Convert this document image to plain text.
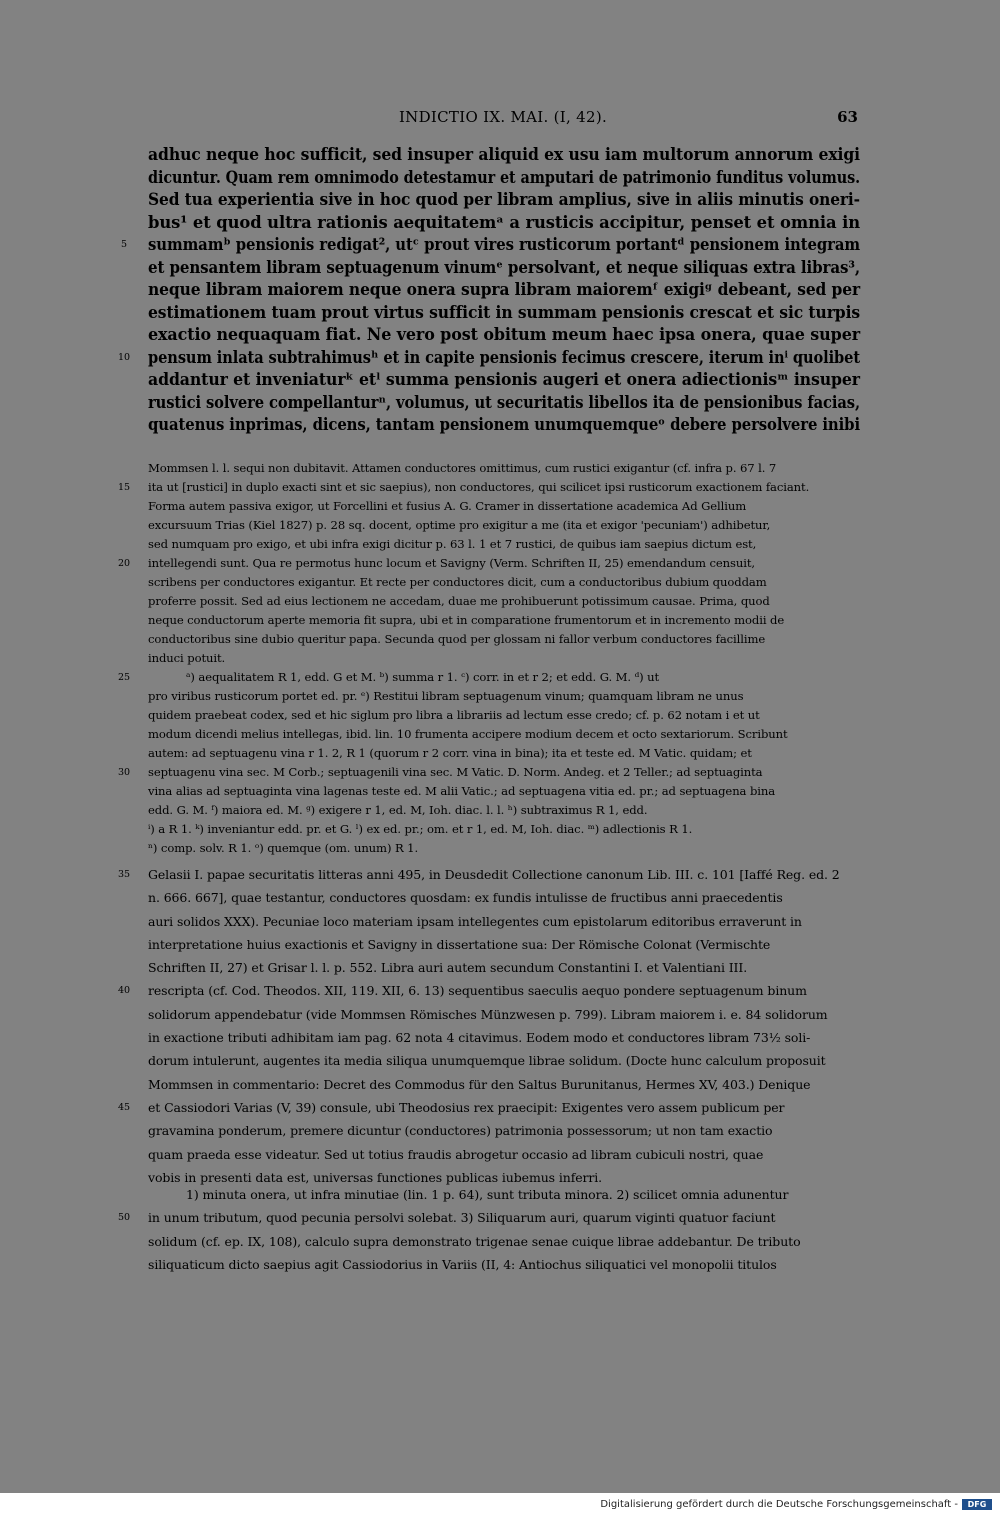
INDICTIO IX. MAI. (I, 42).	63
adhuc neque hoc sufficit, sed insuper aliquid ex usu iam multorum annorum exigi
dicuntur. Quam rem omnimodo detestamur et amputari de patrimonio funditus volumus.
Sed tua experientia sive in hoc quod per libram amplius, sive in aliis minutis oneri-
bus¹ et quod ultra rationis aequitatemᵃ a rusticis accipitur, penset et omnia in
5	summamᵇ pensionis redigat², utᶜ prout vires rusticorum portantᵈ pensionem integram
et pensantem libram septuagenum vinumᵉ persolvant, et neque siliquas extra libras³,
neque libram maiorem neque onera supra libram maioremᶠ exigiᵍ debeant, sed per
estimationem tuam prout virtus sufficit in summam pensionis crescat et sic turpis
exactio nequaquam fiat. Ne vero post obitum meum haec ipsa onera, quae super
10 pensum inlata subtrahimusʰ et in capite pensionis fecimus crescere, iterum inⁱ quolibet
addantur et inveniaturᵏ etˡ summa pensionis augeri et onera adiectionisᵐ insuper
rustici solvere compellanturⁿ, volumus, ut securitatis libellos ita de pensionibus facias,
quatenus inprimas, dicens, tantam pensionem unumquemqueᵒ debere persolvere inibi
Mommsen l. l. sequi non dubitavit. Attamen conductores omittimus, cum rustici exigantur (cf. infra p. 67 l. 7
15	ita ut [rustici] in duplo exacti sint et sic saepius), non conductores, qui scilicet ipsi rusticorum exactionem faciant.
Forma autem passiva exigor, ut Forcellini et fusius A. G. Cramer in dissertatione academica Ad Gellium
excursuum Trias (Kiel 1827) p. 28 sq. docent, optime pro exigitur a me (ita et exigor 'pecuniam') adhibetur,
sed numquam pro exigo, et ubi infra exigi dicitur p. 63 l. 1 et 7 rustici, de quibus iam saepius dictum est,
20	intellegendi sunt. Qua re permotus hunc locum et Savigny (Verm. Schriften II, 25) emendandum censuit,
scribens per conductores exigantur. Et recte per conductores dicit, cum a conductoribus dubium quoddam
proferre possit. Sed ad eius lectionem ne accedam, duae me prohibuerunt potissimum causae. Prima, quod
neque conductorum aperte memoria fit supra, ubi et in comparatione frumentorum et in incremento modii de
conductoribus sine dubio queritur papa. Secunda quod per glossam ni fallor verbum conductores facillime
induci potuit.
25	ᵃ) aequalitatem R 1, edd. G et M. ᵇ) summa r 1. ᶜ) corr. in et r 2; et edd. G. M. ᵈ) ut
pro viribus rusticorum portet ed. pr. ᵉ) Restitui libram septuagenum vinum; quamquam libram ne unus
quidem praebeat codex, sed et hic siglum pro libra a librariis ad lectum esse credo; cf. p. 62 notam i et ut
modum dicendi melius intellegas, ibid. lin. 10 frumenta accipere modium decem et octo sextariorum. Scribunt
autem: ad septuagenu vina r 1. 2, R 1 (quorum r 2 corr. vina in bina); ita et teste ed. M Vatic. quidam; et
30	septuagenu vina sec. M Corb.; septuagenili vina sec. M Vatic. D. Norm. Andeg. et 2 Teller.; ad septuaginta
vina alias ad septuaginta vina lagenas teste ed. M alii Vatic.; ad septuagena vitia ed. pr.; ad septuagena bina
edd. G. M. ᶠ) maiora ed. M. ᵍ) exigere r 1, ed. M, Ioh. diac. l. l. ʰ) subtraximus R 1, edd.
ⁱ) a R 1. ᵏ) inveniantur edd. pr. et G. ˡ) ex ed. pr.; om. et r 1, ed. M, Ioh. diac. ᵐ) adlectionis R 1.
ⁿ) comp. solv. R 1. ᵒ) quemque (om. unum) R 1.
35	Gelasii I. papae securitatis litteras anni 495, in Deusdedit Collectione canonum Lib. III. c. 101 [Iaffé Reg. ed. 2
n. 666. 667], quae testantur, conductores quosdam: ex fundis intulisse de fructibus anni praecedentis
auri solidos XXX). Pecuniae loco materiam ipsam intellegentes cum epistolarum editoribus erraverunt in
interpretatione huius exactionis et Savigny in dissertatione sua: Der Römische Colonat (Vermischte
Schriften II, 27) et Grisar l. l. p. 552. Libra auri autem secundum Constantini I. et Valentiani III.
40	rescripta (cf. Cod. Theodos. XII, 119. XII, 6. 13) sequentibus saeculis aequo pondere septuagenum binum
solidorum appendebatur (vide Mommsen Römisches Münzwesen p. 799). Libram maiorem i. e. 84 solidorum
in exactione tributi adhibitam iam pag. 62 nota 4 citavimus. Eodem modo et conductores libram 73½ soli-
dorum intulerunt, augentes ita media siliqua unumquemque librae solidum. (Docte hunc calculum proposuit
Mommsen in commentario: Decret des Commodus für den Saltus Burunitanus, Hermes XV, 403.) Denique
45	et Cassiodori Varias (V, 39) consule, ubi Theodosius rex praecipit: Exigentes vero assem publicum per
gravamina ponderum, premere dicuntur (conductores) patrimonia possessorum; ut non tam exactio
quam praeda esse videatur. Sed ut totius fraudis abrogetur occasio ad libram cubiculi nostri, quae
vobis in presenti data est, universas functiones publicas iubemus inferri.
1) minuta onera, ut infra minutiae (lin. 1 p. 64), sunt tributa minora. 2) scilicet omnia adunentur
50	in unum tributum, quod pecunia persolvi solebat. 3) Siliquarum auri, quarum viginti quatuor faciunt
solidum (cf. ep. IX, 108), calculo supra demonstrato trigenae senae cuique librae addebantur. De tributo
siliquaticum dicto saepius agit Cassiodorius in Variis (II, 4: Antiochus siliquatici vel monopolii titulos
Digitalisierung gefördert durch die Deutsche Forschungsgemeinschaft -	DFG
